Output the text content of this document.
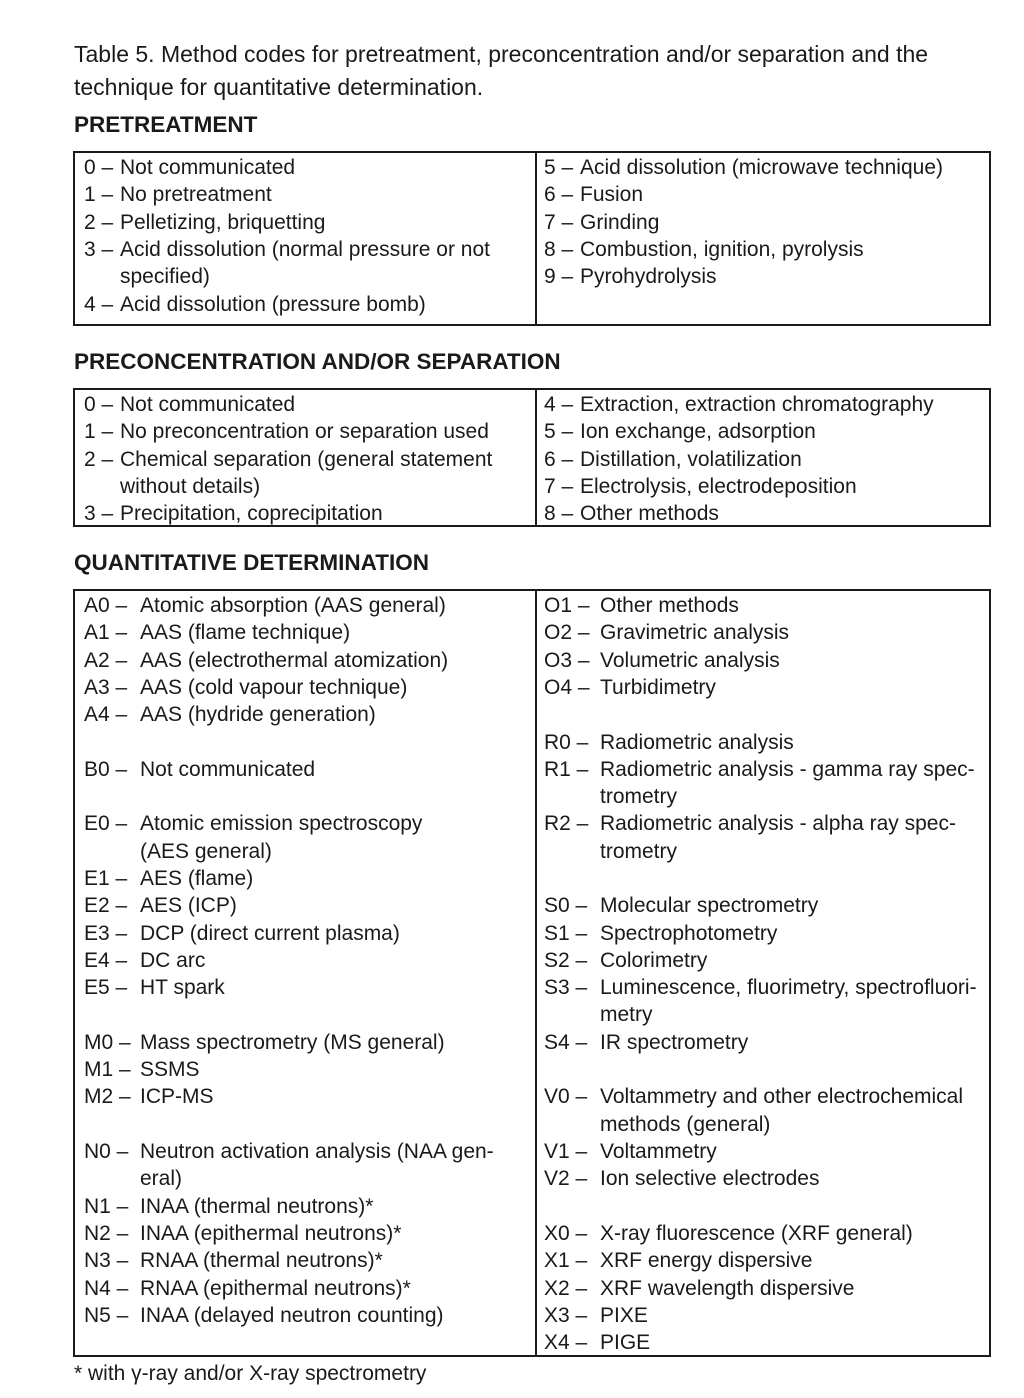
Table 5. Method codes for pretreatment, preconcentration and/or separation and the technique for quantitative determination.
PRETREATMENT
0 – Not communicated
1 – No pretreatment
2 – Pelletizing, briquetting
3 – Acid dissolution (normal pressure or not
specified)
4 – Acid dissolution (pressure bomb)
5 – Acid dissolution (microwave technique)
6 – Fusion
7 – Grinding
8 – Combustion, ignition, pyrolysis
9 – Pyrohydrolysis
PRECONCENTRATION AND/OR SEPARATION
0 – Not communicated
1 – No preconcentration or separation used
2 – Chemical separation (general statement
without details)
3 – Precipitation, coprecipitation
4 – Extraction, extraction chromatography
5 – Ion exchange, adsorption
6 – Distillation, volatilization
7 – Electrolysis, electrodeposition
8 – Other methods
QUANTITATIVE DETERMINATION
A0 – Atomic absorption (AAS general)
A1 – AAS (flame technique)
A2 – AAS (electrothermal atomization)
A3 – AAS (cold vapour technique)
A4 – AAS (hydride generation)
B0 – Not communicated
E0 – Atomic emission spectroscopy
(AES general)
E1 – AES (flame)
E2 – AES (ICP)
E3 – DCP (direct current plasma)
E4 – DC arc
E5 – HT spark
M0 – Mass spectrometry (MS general)
M1 – SSMS
M2 – ICP-MS
N0 – Neutron activation analysis (NAA gen-
eral)
N1 – INAA (thermal neutrons)*
N2 – INAA (epithermal neutrons)*
N3 – RNAA (thermal neutrons)*
N4 – RNAA (epithermal neutrons)*
N5 – INAA (delayed neutron counting)
O1 – Other methods
O2 – Gravimetric analysis
O3 – Volumetric analysis
O4 – Turbidimetry
R0 – Radiometric analysis
R1 – Radiometric analysis - gamma ray spec-
trometry
R2 – Radiometric analysis - alpha ray spec-
trometry
S0 – Molecular spectrometry
S1 – Spectrophotometry
S2 – Colorimetry
S3 – Luminescence, fluorimetry, spectrofluori-
metry
S4 – IR spectrometry
V0 – Voltammetry and other electrochemical
methods (general)
V1 – Voltammetry
V2 – Ion selective electrodes
X0 – X-ray fluorescence (XRF general)
X1 – XRF energy dispersive
X2 – XRF wavelength dispersive
X3 – PIXE
X4 – PIGE
* with γ-ray and/or X-ray spectrometry
